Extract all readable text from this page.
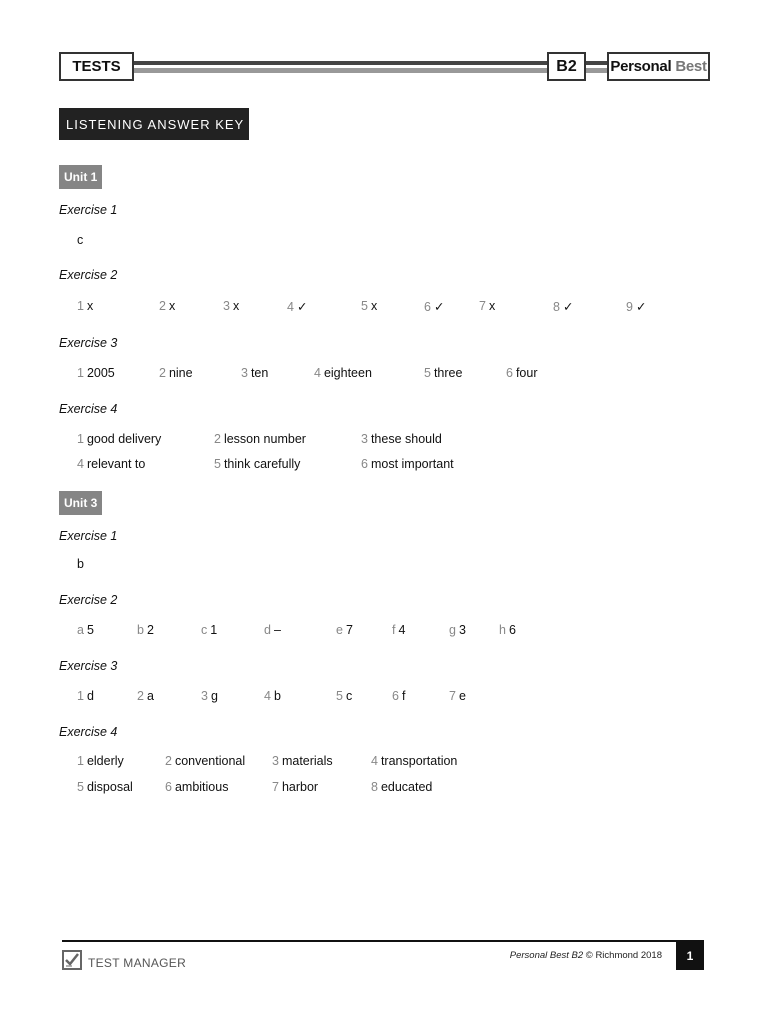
TESTS	B2	Personal Best
LISTENING ANSWER KEY
Unit 1
Exercise 1
c
Exercise 2
1 x	2 x	3 x	4 ✓	5 x	6 ✓	7 x	8 ✓	9 ✓
Exercise 3
1 2005	2 nine	3 ten	4 eighteen	5 three	6 four
Exercise 4
1 good delivery	2 lesson number	3 these should
4 relevant to	5 think carefully	6 most important
Unit 3
Exercise 1
b
Exercise 2
a 5	b 2	c 1	d –	e 7	f 4	g 3	h 6
Exercise 3
1 d	2 a	3 g	4 b	5 c	6 f	7 e
Exercise 4
1 elderly	2 conventional 3 materials	4 transportation
5 disposal	6 ambitious	7 harbor	8 educated
TEST MANAGER	Personal Best B2 © Richmond 2018	1
